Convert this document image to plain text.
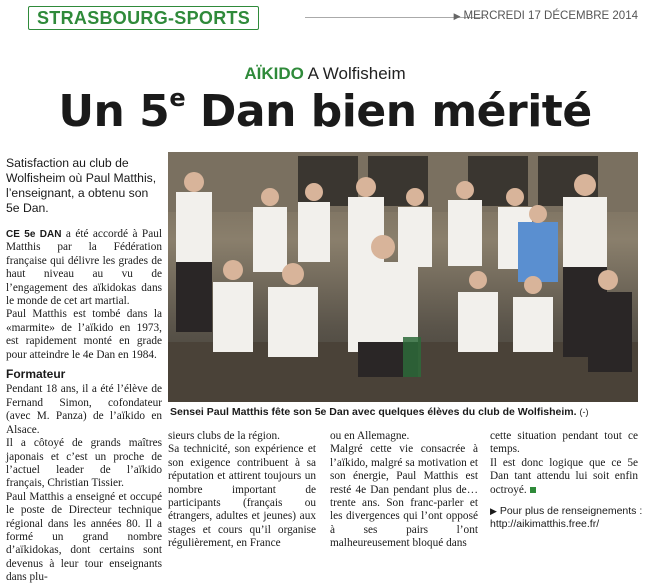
STRASBOURG-SPORTS	▶ MERCREDI 17 DÉCEMBRE 2014
AÏKIDO A Wolfisheim
Un 5e Dan bien mérité
Satisfaction au club de Wolfisheim où Paul Matthis, l’enseignant, a obtenu son 5e Dan.

CE 5e DAN a été accordé à Paul Matthis par la Fédération française qui délivre les grades de haut niveau au vu de l’engagement des aïkidokas dans le monde de cet art martial.

Paul Matthis est tombé dans la «marmite» de l’aïkido en 1973, est rapidement monté en grade pour atteindre le 4e Dan en 1984.

Formateur

Pendant 18 ans, il a été l’élève de Fernand Simon, cofondateur (avec M. Panza) de l’aïkido en Alsace.

Il a côtoyé de grands maîtres japonais et c’est un proche de l’actuel leader de l’aïkido français, Christian Tissier.

Paul Matthis a enseigné et occupé le poste de Directeur technique régional dans les années 80. Il a formé un grand nombre d’aïkidokas, dont certains sont devenus à leur tour enseignants dans plu-

Sensei Paul Matthis fête son 5e Dan avec quelques élèves du club de Wolfisheim. (-)

sieurs clubs de la région.

Sa technicité, son expérience et son exigence contribuent à sa réputation et attirent toujours un nombre important de participants (français ou étrangers, adultes et jeunes) aux stages et cours qu’il organise régulièrement, en France

ou en Allemagne.

Malgré cette vie consacrée à l’aïkido, malgré sa motivation et son énergie, Paul Matthis est resté 4e Dan pendant plus de… trente ans. Son franc-parler et les divergences qui l’ont opposé à ses pairs l’ont malheureusement bloqué dans

cette situation pendant tout ce temps.

Il est donc logique que ce 5e Dan tant attendu lui soit enfin octroyé.

▶ Pour plus de renseignements :
http://aikimatthis.free.fr/
